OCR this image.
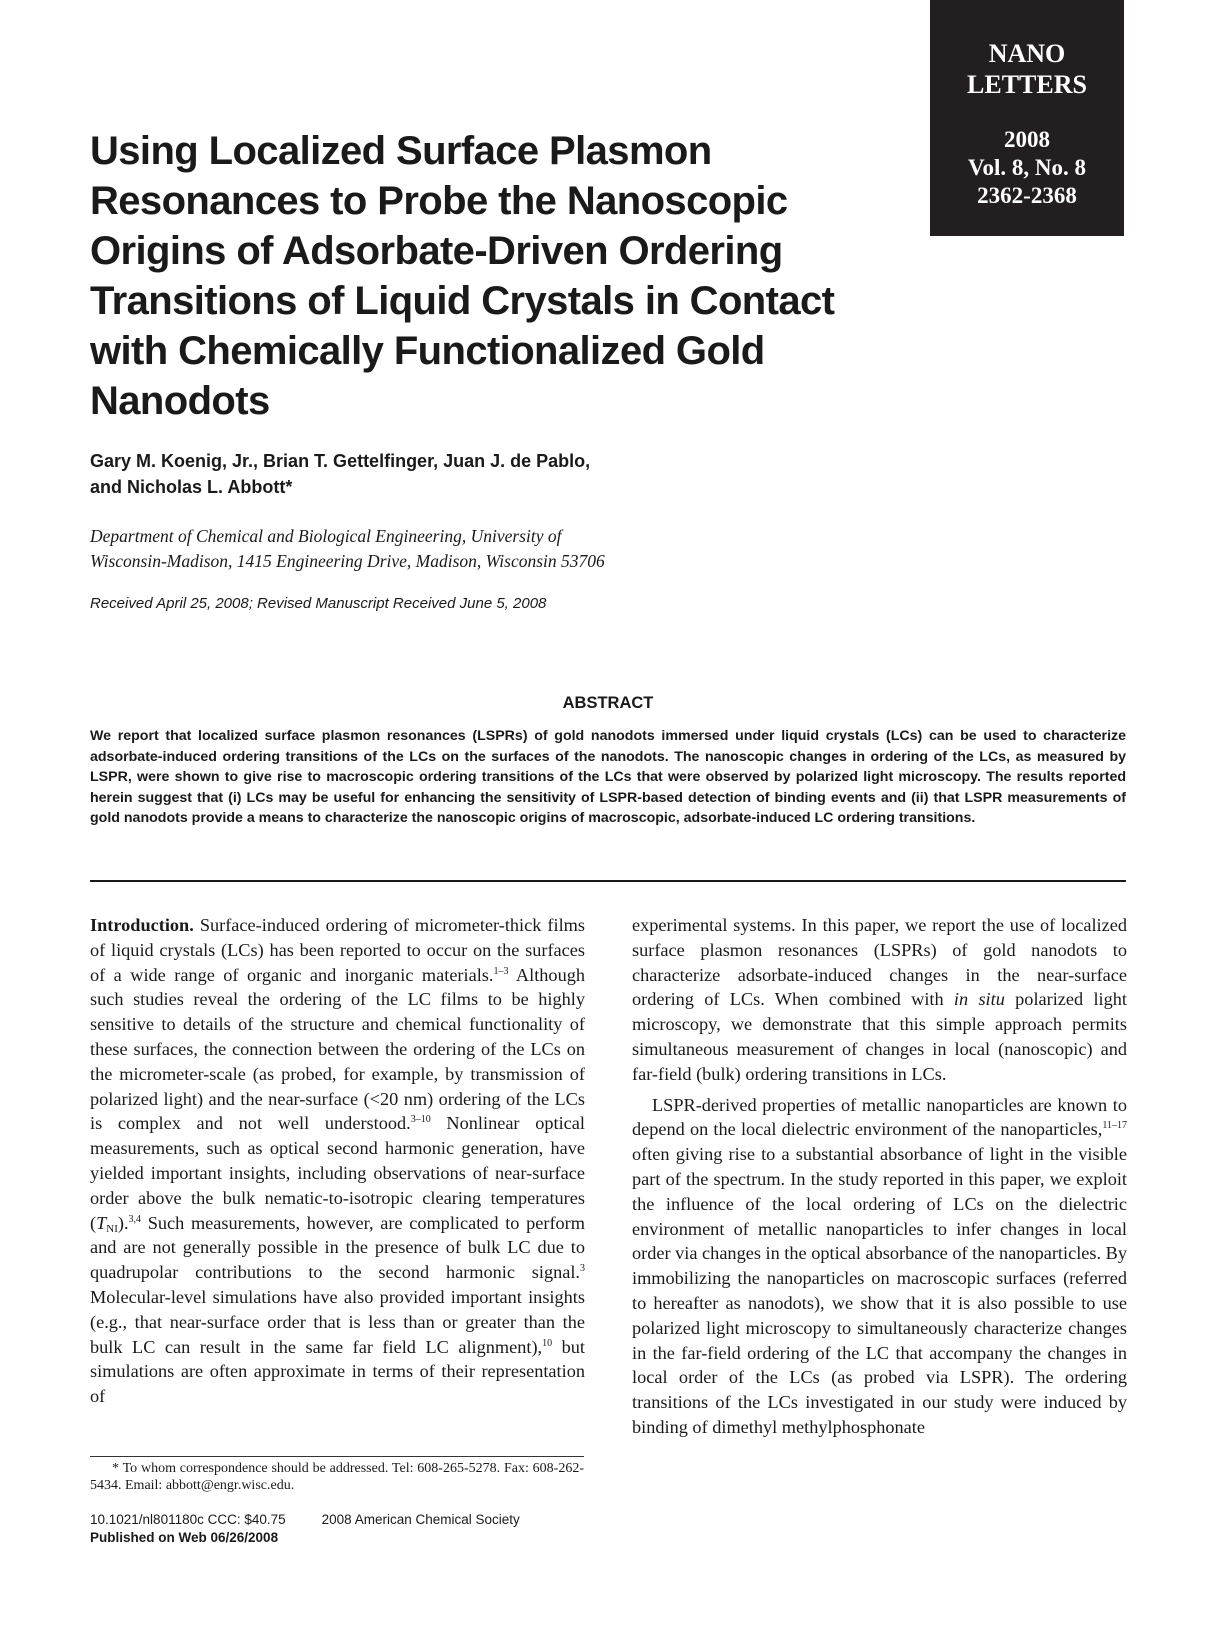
NANO
LETTERS
2008
Vol. 8, No. 8
2362-2368
Using Localized Surface Plasmon Resonances to Probe the Nanoscopic Origins of Adsorbate-Driven Ordering Transitions of Liquid Crystals in Contact with Chemically Functionalized Gold Nanodots
Gary M. Koenig, Jr., Brian T. Gettelfinger, Juan J. de Pablo,
and Nicholas L. Abbott*
Department of Chemical and Biological Engineering, University of
Wisconsin-Madison, 1415 Engineering Drive, Madison, Wisconsin 53706
Received April 25, 2008; Revised Manuscript Received June 5, 2008
ABSTRACT
We report that localized surface plasmon resonances (LSPRs) of gold nanodots immersed under liquid crystals (LCs) can be used to characterize adsorbate-induced ordering transitions of the LCs on the surfaces of the nanodots. The nanoscopic changes in ordering of the LCs, as measured by LSPR, were shown to give rise to macroscopic ordering transitions of the LCs that were observed by polarized light microscopy. The results reported herein suggest that (i) LCs may be useful for enhancing the sensitivity of LSPR-based detection of binding events and (ii) that LSPR measurements of gold nanodots provide a means to characterize the nanoscopic origins of macroscopic, adsorbate-induced LC ordering transitions.

Introduction. Surface-induced ordering of micrometer-thick films of liquid crystals (LCs) has been reported to occur on the surfaces of a wide range of organic and inorganic materials.$^{1-3}$ Although such studies reveal the ordering of the LC films to be highly sensitive to details of the structure and chemical functionality of these surfaces, the connection between the ordering of the LCs on the micrometer-scale (as probed, for example, by transmission of polarized light) and the near-surface (<20 nm) ordering of the LCs is complex and not well understood.$^{3-10}$ Nonlinear optical measurements, such as optical second harmonic generation, have yielded important insights, including observations of near-surface order above the bulk nematic-to-isotropic clearing temperatures $(T_{NI}).^{3,4}$ Such measurements, however, are complicated to perform and are not generally possible in the presence of bulk LC due to quadrupolar contributions to the second harmonic signal.$^3$ Molecular-level simulations have also provided important insights (e.g., that near-surface order that is less than or greater than the bulk LC can result in the same far field LC alignment),$^{10}$ but simulations are often approximate in terms of their representation of

experimental systems. In this paper, we report the use of localized surface plasmon resonances (LSPRs) of gold nanodots to characterize adsorbate-induced changes in the near-surface ordering of LCs. When combined with in situ polarized light microscopy, we demonstrate that this simple approach permits simultaneous measurement of changes in local (nanoscopic) and far-field (bulk) ordering transitions in LCs.

LSPR-derived properties of metallic nanoparticles are known to depend on the local dielectric environment of the nanoparticles,$^{11-17}$ often giving rise to a substantial absorbance of light in the visible part of the spectrum. In the study reported in this paper, we exploit the influence of the local ordering of LCs on the dielectric environment of metallic nanoparticles to infer changes in local order via changes in the optical absorbance of the nanoparticles. By immobilizing the nanoparticles on macroscopic surfaces (referred to hereafter as nanodots), we show that it is also possible to use polarized light microscopy to simultaneously characterize changes in the far-field ordering of the LC that accompany the changes in local order of the LCs (as probed via LSPR). The ordering transitions of the LCs investigated in our study were induced by binding of dimethyl methylphosphonate

* To whom correspondence should be addressed. Tel: 608-265-5278. Fax: 608-262-5434. Email: abbott@engr.wisc.edu.
10.1021/nl801180c CCC: $40.75	2008 American Chemical Society
Published on Web 06/26/2008
